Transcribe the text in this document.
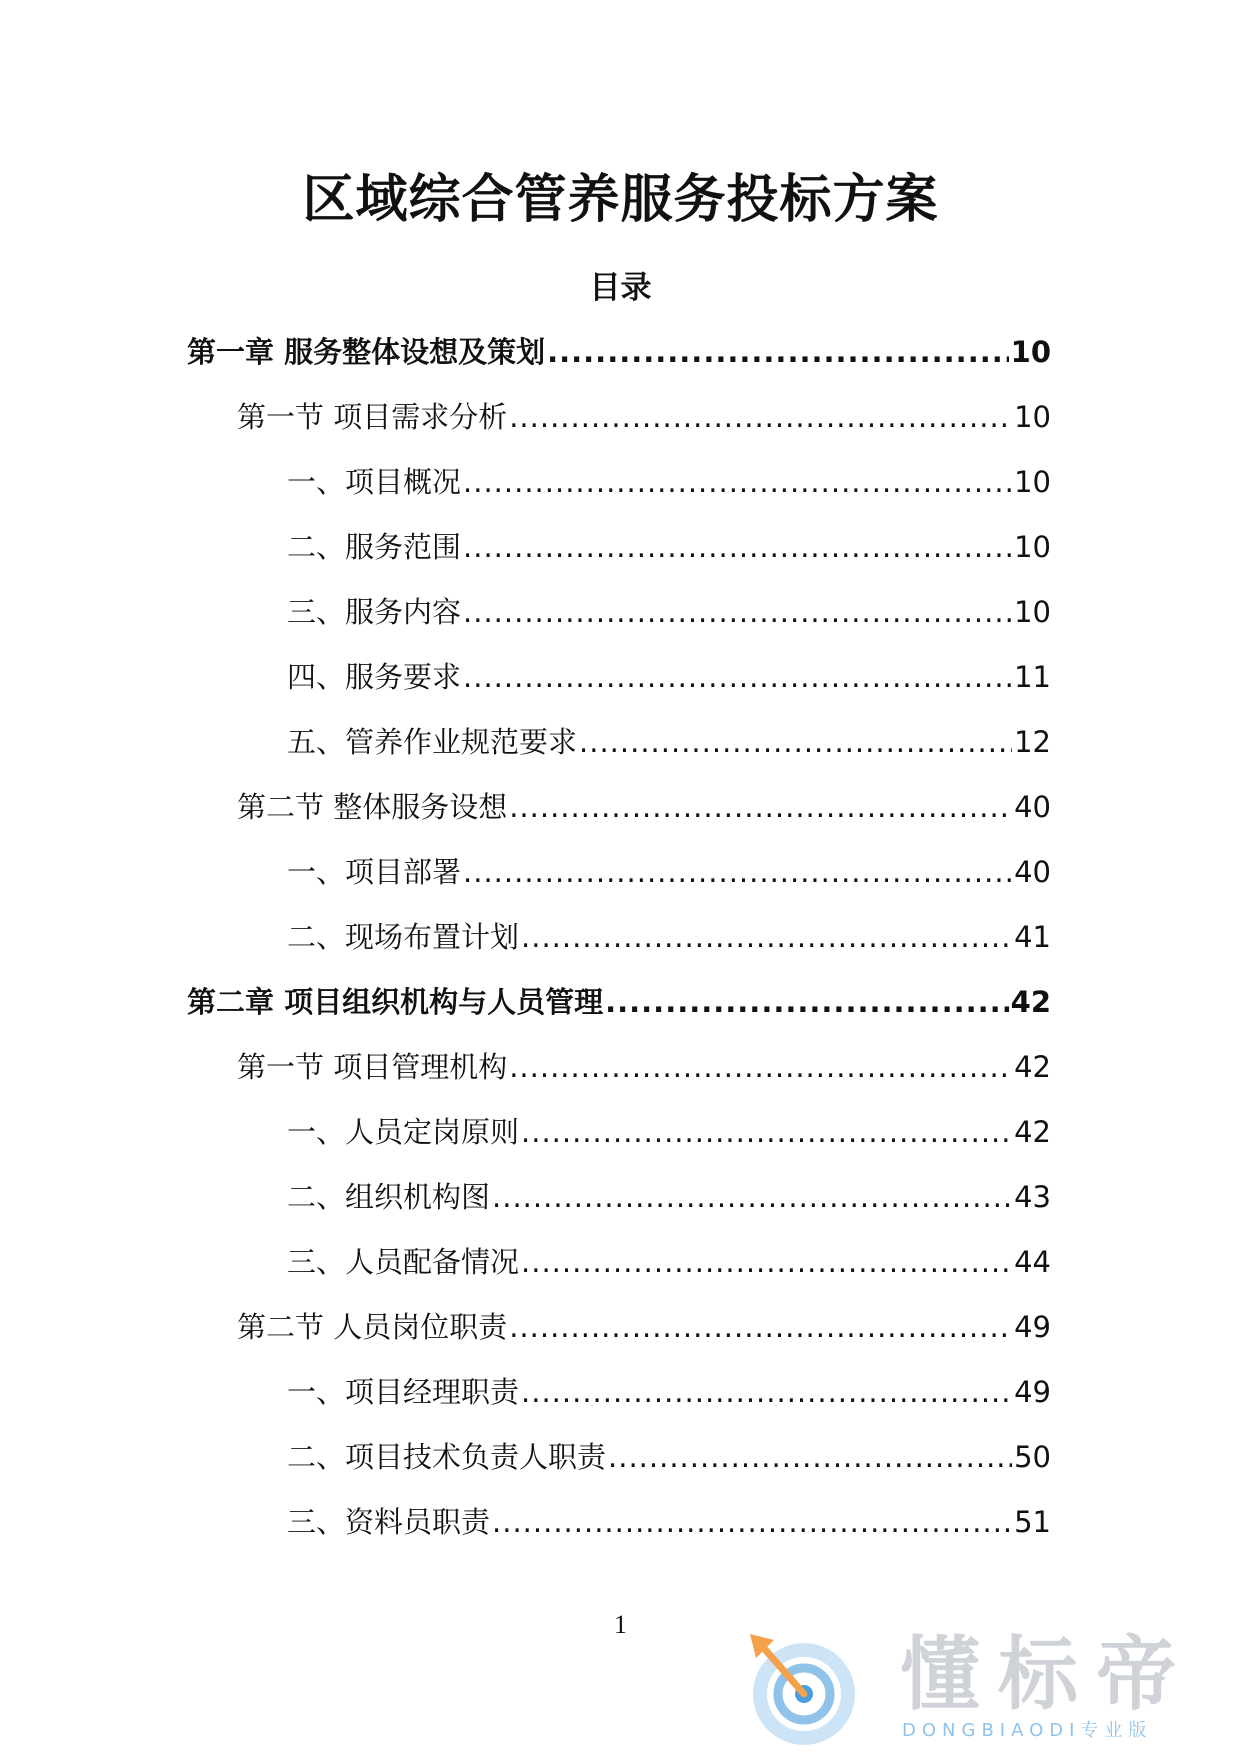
区域综合管养服务投标方案
目录
第一章 服务整体设想及策划 .....	10
第一节 项目需求分析 .....	10
一、项目概况 .....	10
二、服务范围 .....	10
三、服务内容 .....	10
四、服务要求 .....	11
五、管养作业规范要求 .....	12
第二节 整体服务设想 .....	40
一、项目部署 .....	40
二、现场布置计划 .....	41
第二章 项目组织机构与人员管理 .....	42
第一节 项目管理机构 .....	42
一、人员定岗原则 .....	42
二、组织机构图 .....	43
三、人员配备情况 .....	44
第二节 人员岗位职责 .....	49
一、项目经理职责 .....	49
二、项目技术负责人职责 .....	50
三、资料员职责 .....	51
1
懂标帝
DONGBIAODI专业版
